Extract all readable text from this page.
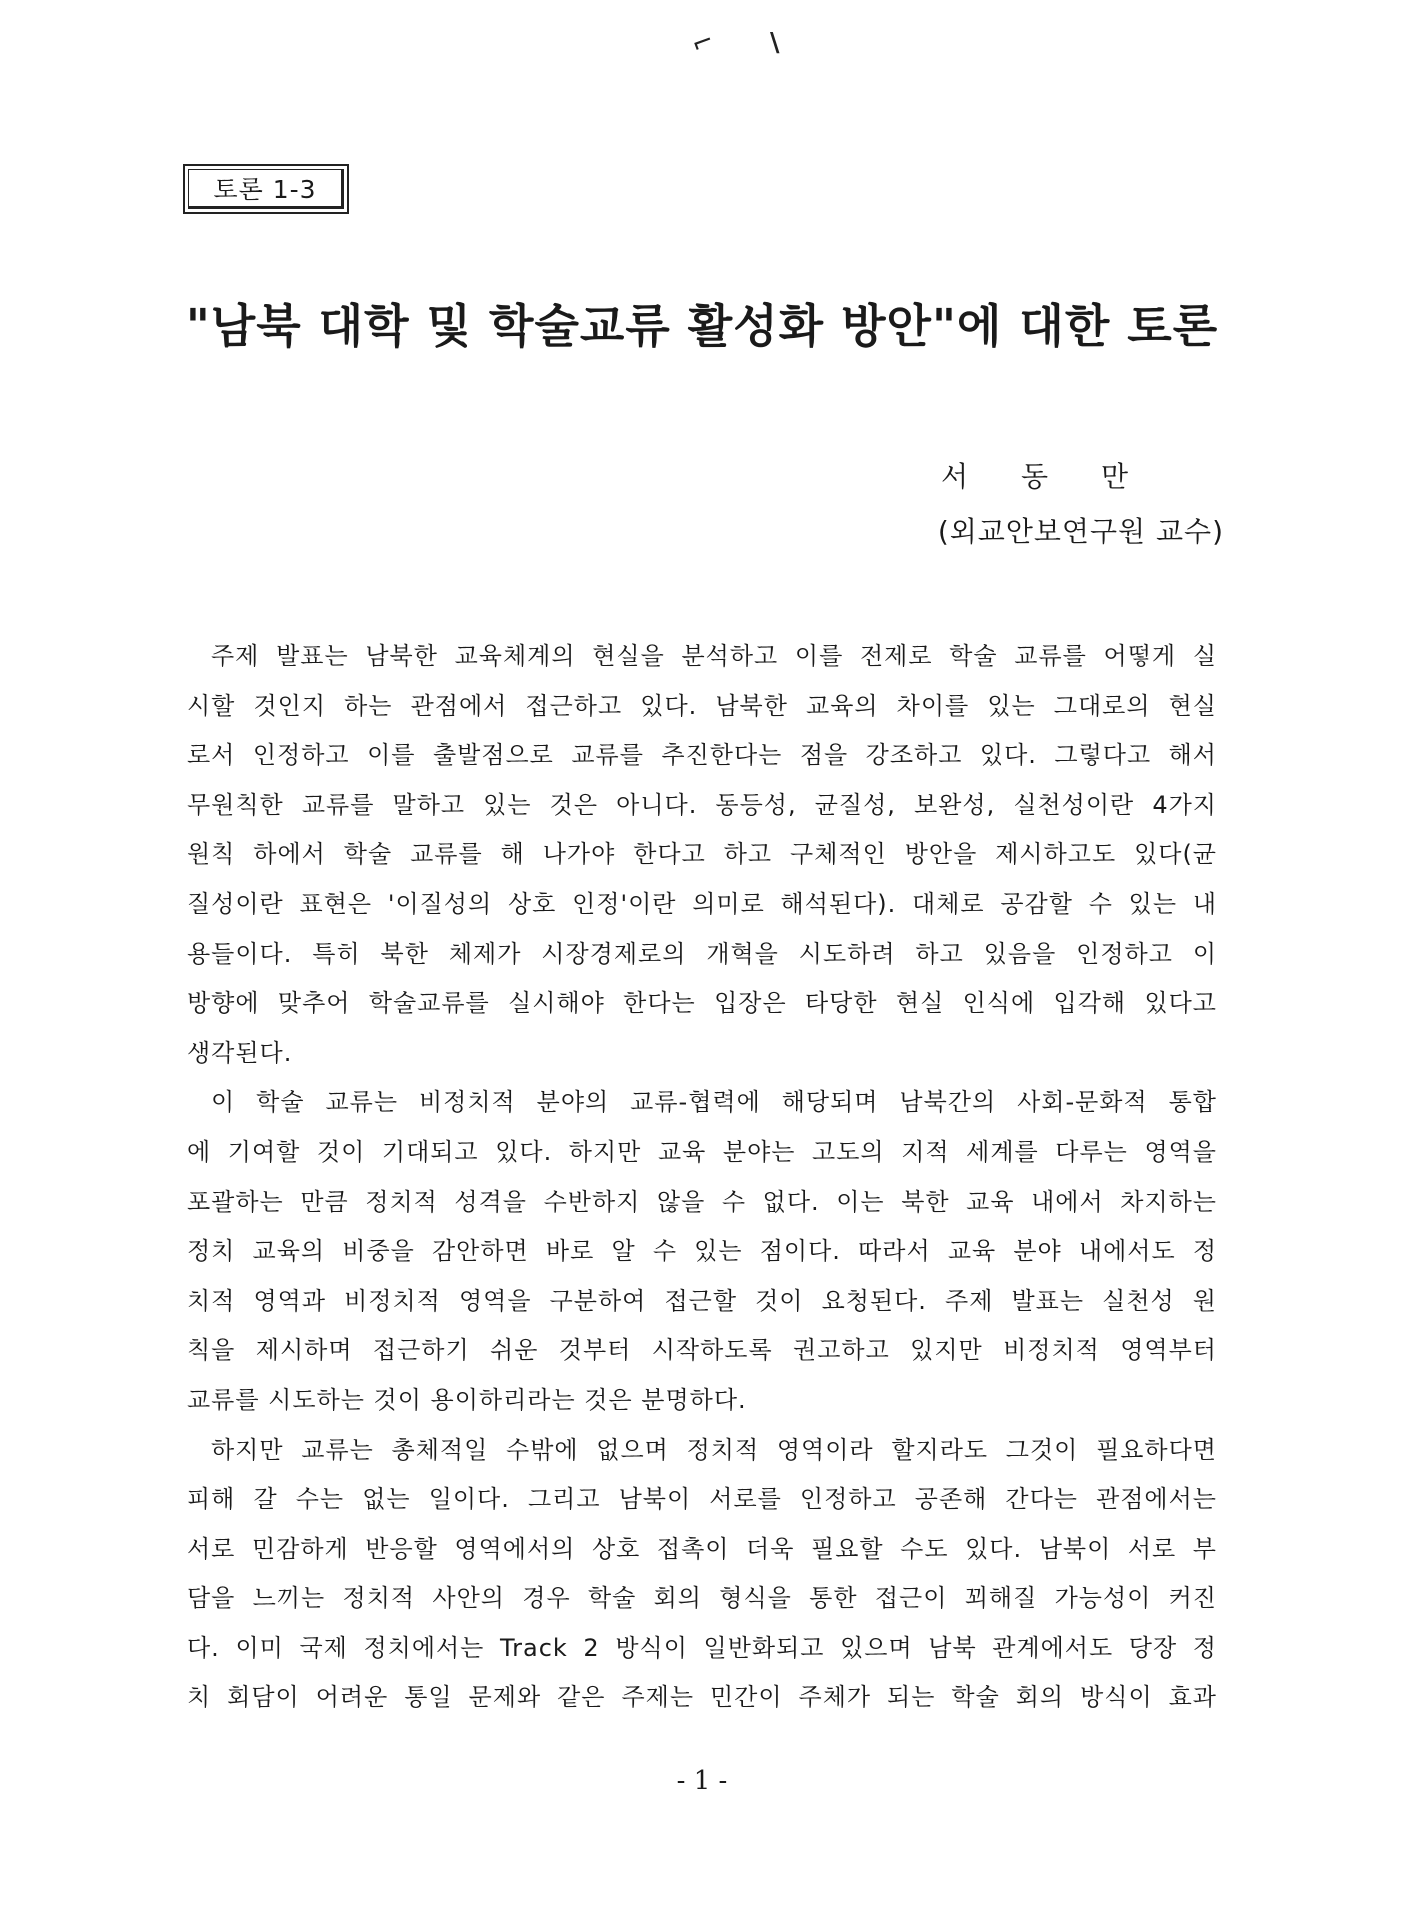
⌐ \
토론 1-3
"남북 대학 및 학술교류 활성화 방안"에 대한 토론
서 동 만
(외교안보연구원 교수)
주제 발표는 남북한 교육체계의 현실을 분석하고 이를 전제로 학술 교류를 어떻게 실
시할 것인지 하는 관점에서 접근하고 있다. 남북한 교육의 차이를 있는 그대로의 현실
로서 인정하고 이를 출발점으로 교류를 추진한다는 점을 강조하고 있다. 그렇다고 해서
무원칙한 교류를 말하고 있는 것은 아니다. 동등성, 균질성, 보완성, 실천성이란 4가지
원칙 하에서 학술 교류를 해 나가야 한다고 하고 구체적인 방안을 제시하고도 있다(균
질성이란 표현은 '이질성의 상호 인정'이란 의미로 해석된다). 대체로 공감할 수 있는 내
용들이다. 특히 북한 체제가 시장경제로의 개혁을 시도하려 하고 있음을 인정하고 이
방향에 맞추어 학술교류를 실시해야 한다는 입장은 타당한 현실 인식에 입각해 있다고
생각된다.
이 학술 교류는 비정치적 분야의 교류-협력에 해당되며 남북간의 사회-문화적 통합
에 기여할 것이 기대되고 있다. 하지만 교육 분야는 고도의 지적 세계를 다루는 영역을
포괄하는 만큼 정치적 성격을 수반하지 않을 수 없다. 이는 북한 교육 내에서 차지하는
정치 교육의 비중을 감안하면 바로 알 수 있는 점이다. 따라서 교육 분야 내에서도 정
치적 영역과 비정치적 영역을 구분하여 접근할 것이 요청된다. 주제 발표는 실천성 원
칙을 제시하며 접근하기 쉬운 것부터 시작하도록 권고하고 있지만 비정치적 영역부터
교류를 시도하는 것이 용이하리라는 것은 분명하다.
하지만 교류는 총체적일 수밖에 없으며 정치적 영역이라 할지라도 그것이 필요하다면
피해 갈 수는 없는 일이다. 그리고 남북이 서로를 인정하고 공존해 간다는 관점에서는
서로 민감하게 반응할 영역에서의 상호 접촉이 더욱 필요할 수도 있다. 남북이 서로 부
담을 느끼는 정치적 사안의 경우 학술 회의 형식을 통한 접근이 꾀해질 가능성이 커진
다. 이미 국제 정치에서는 Track 2 방식이 일반화되고 있으며 남북 관계에서도 당장 정
치 회담이 어려운 통일 문제와 같은 주제는 민간이 주체가 되는 학술 회의 방식이 효과
- 1 -
